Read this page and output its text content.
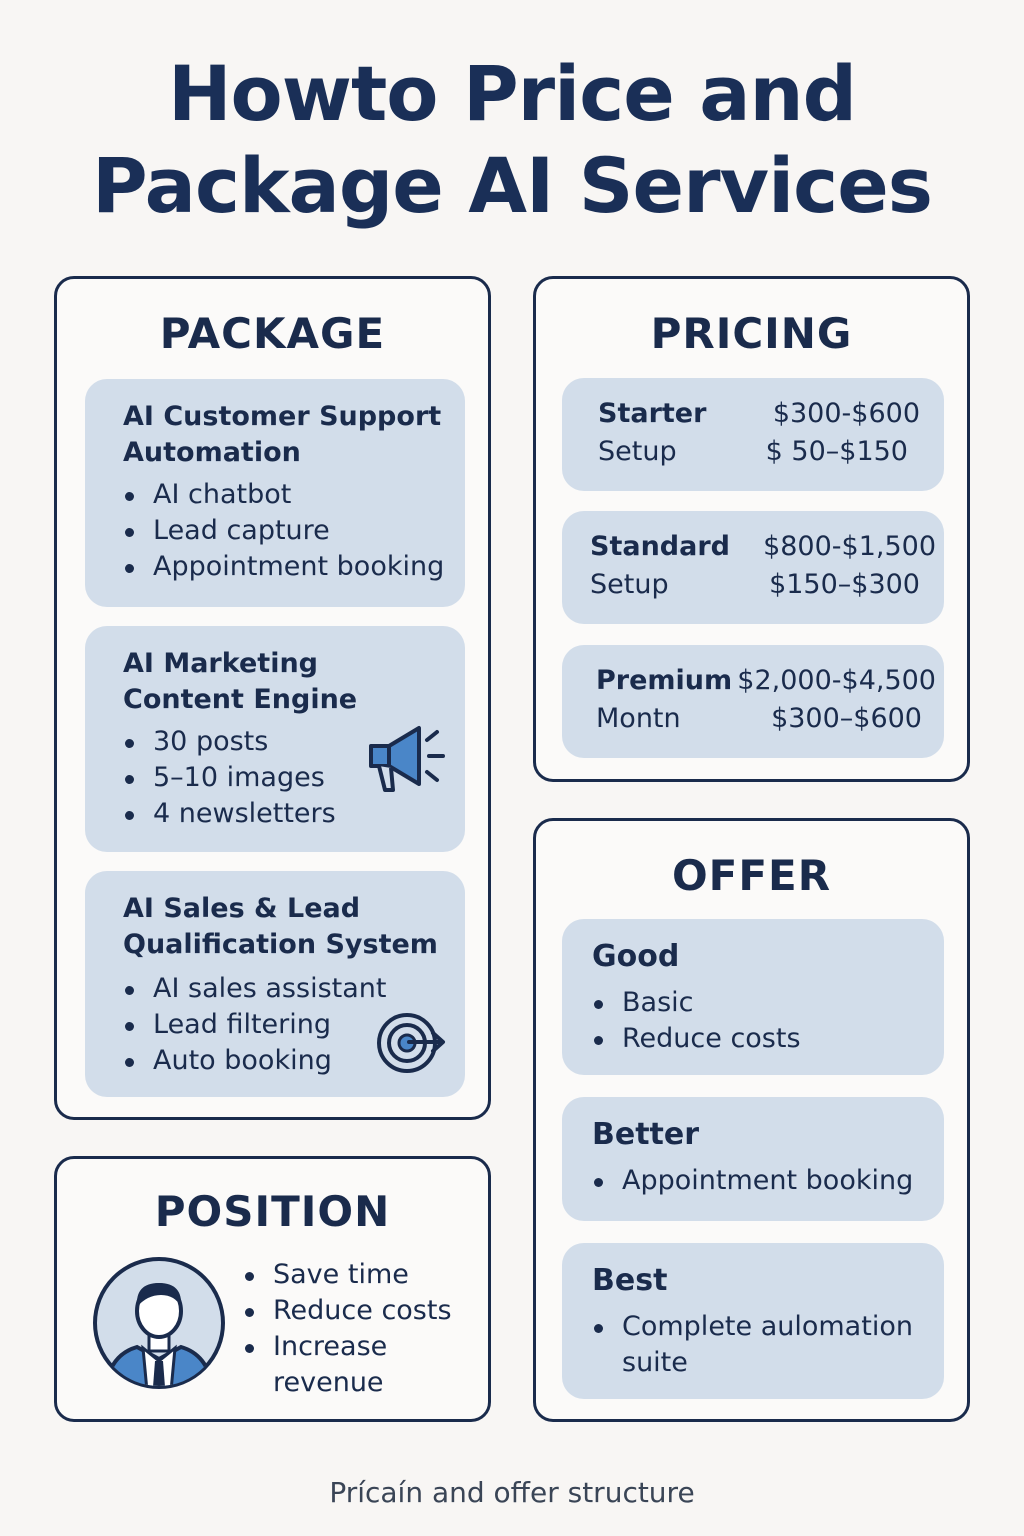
Howto Price and
Package AI Services
PACKAGE
AI Customer Support
Automation
AI chatbot
Lead capture
Appointment booking
AI Marketing
Content Engine
30 posts
5–10 images
4 newsletters
AI Sales & Lead
Qualification System
AI sales assistant
Lead filtering
Auto booking
PRICING
Starter $300-$600
Setup	$ 50–$150
Standard $800-$1,500
Setup	$150–$300
Premium $2,000-$4,500
Montn	$300–$600
POSITION
Save time
Reduce costs
Increase
revenue
OFFER
Good
Basic
Reduce costs
Better
Appointment booking
Best
Complete aulomation
suite
Prícaín and offer structure
